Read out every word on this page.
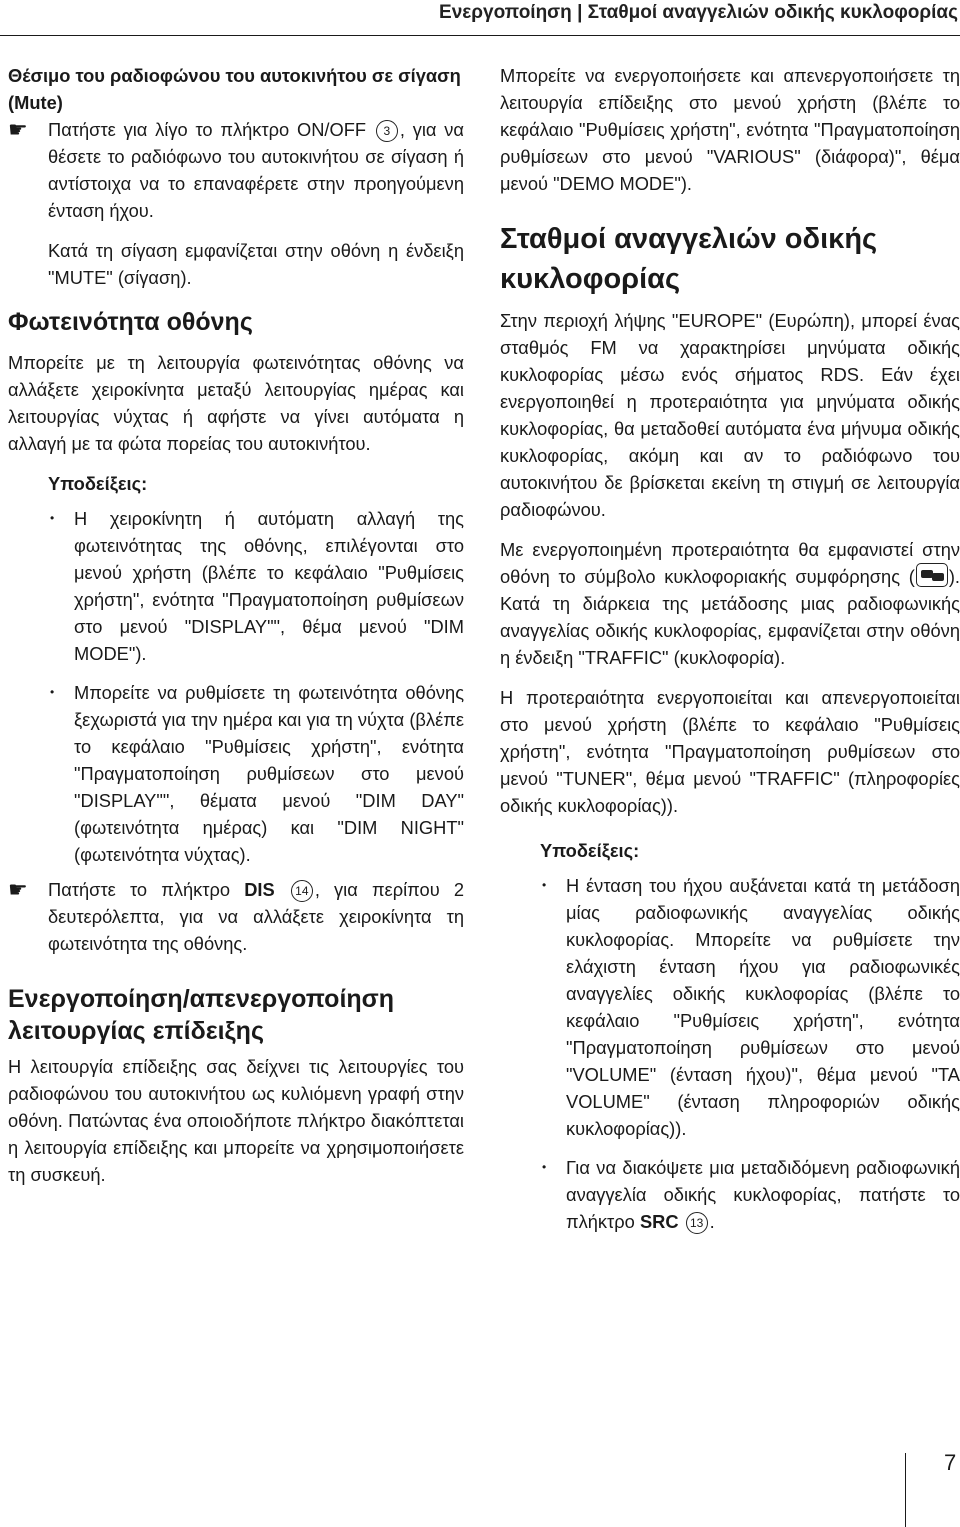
Ενεργοποίηση | Σταθμοί αναγγελιών οδικής κυκλοφορίας

Θέσιμο του ραδιοφώνου του αυτοκινήτου σε σίγαση (Mute)

☛	Πατήστε για λίγο το πλήκτρο ON/OFF 3 , για να θέσετε το ραδιόφωνο του αυτοκινήτου σε σίγαση ή αντίστοιχα να το επαναφέρετε στην προηγούμενη ένταση ήχου.

Κατά τη σίγαση εμφανίζεται στην οθόνη η ένδειξη "MUTE" (σίγαση).

Φωτεινότητα οθόνης

Μπορείτε με τη λειτουργία φωτεινότητας οθόνης να αλλάξετε χειροκίνητα μεταξύ λειτουργίας ημέρας και λειτουργίας νύχτας ή αφήστε να γίνει αυτόματα η αλλαγή με τα φώτα πορείας του αυτοκινήτου.

Υποδείξεις:

•	Η χειροκίνητη ή αυτόματη αλλαγή της φωτεινότητας της οθόνης, επιλέγονται στο μενού χρήστη (βλέπε το κεφάλαιο "Ρυθμίσεις χρήστη", ενότητα "Πραγματοποίηση ρυθμίσεων στο μενού "DISPLAY"", θέμα μενού "DIM MODE").
•	Μπορείτε να ρυθμίσετε τη φωτεινότητα οθόνης ξεχωριστά για την ημέρα και για τη νύχτα (βλέπε το κεφάλαιο "Ρυθμίσεις χρήστη", ενότητα "Πραγματοποίηση ρυθμίσεων στο μενού "DISPLAY"", θέματα μενού "DIM DAY" (φωτεινότητα ημέρας) και "DIM NIGHT" (φωτεινότητα νύχτας).
☛	Πατήστε το πλήκτρο DIS 14 , για περίπου 2 δευτερόλεπτα, για να αλλάξετε χειροκίνητα τη φωτεινότητα της οθόνης.

Ενεργοποίηση/απενεργοποίηση λειτουργίας επίδειξης

Η λειτουργία επίδειξης σας δείχνει τις λειτουργίες του ραδιοφώνου του αυτοκινήτου ως κυλιόμενη γραφή στην οθόνη. Πατώντας ένα οποιοδήποτε πλήκτρο διακόπτεται η λειτουργία επίδειξης και μπορείτε να χρησιμοποιήσετε τη συσκευή.

Μπορείτε να ενεργοποιήσετε και απενεργοποιήσετε τη λειτουργία επίδειξης στο μενού χρήστη (βλέπε το κεφάλαιο "Ρυθμίσεις χρήστη", ενότητα "Πραγματοποίηση ρυθμίσεων στο μενού "VARIOUS" (διάφορα)", θέμα μενού "DEMO MODE").

Σταθμοί αναγγελιών οδικής κυκλοφορίας

Στην περιοχή λήψης "EUROPE" (Ευρώπη), μπορεί ένας σταθμός FM να χαρακτηρίσει μηνύματα οδικής κυκλοφορίας μέσω ενός σήματος RDS. Εάν έχει ενεργοποιηθεί η προτεραιότητα για μηνύματα οδικής κυκλοφορίας, θα μεταδοθεί αυτόματα ένα μήνυμα οδικής κυκλοφορίας, ακόμη και αν το ραδιόφωνο του αυτοκινήτου δε βρίσκεται εκείνη τη στιγμή σε λειτουργία ραδιοφώνου.

Με ενεργοποιημένη προτεραιότητα θα εμφανιστεί στην οθόνη το σύμβολο κυκλοφοριακής συμφόρησης ( ). Κατά τη διάρκεια της μετάδοσης μιας ραδιοφωνικής αναγγελίας οδικής κυκλοφορίας, εμφανίζεται στην οθόνη η ένδειξη "TRAFFIC" (κυκλοφορία).

Η προτεραιότητα ενεργοποιείται και απενεργοποιείται στο μενού χρήστη (βλέπε το κεφάλαιο "Ρυθμίσεις χρήστη", ενότητα "Πραγματοποίηση ρυθμίσεων στο μενού "TUNER", θέμα μενού "TRAFFIC" (πληροφορίες οδικής κυκλοφορίας)).

Υποδείξεις:

•	Η ένταση του ήχου αυξάνεται κατά τη μετάδοση μίας ραδιοφωνικής αναγγελίας οδικής κυκλοφορίας. Μπορείτε να ρυθμίσετε την ελάχιστη ένταση ήχου για ραδιοφωνικές αναγγελίες οδικής κυκλοφορίας (βλέπε το κεφάλαιο "Ρυθμίσεις χρήστη", ενότητα "Πραγματοποίηση ρυθμίσεων στο μενού "VOLUME" (ένταση ήχου)", θέμα μενού "TA VOLUME" (ένταση πληροφοριών οδικής κυκλοφορίας)).
•	Για να διακόψετε μια μεταδιδόμενη ραδιοφωνική αναγγελία οδικής κυκλοφορίας, πατήστε το πλήκτρο SRC 13 .
7
